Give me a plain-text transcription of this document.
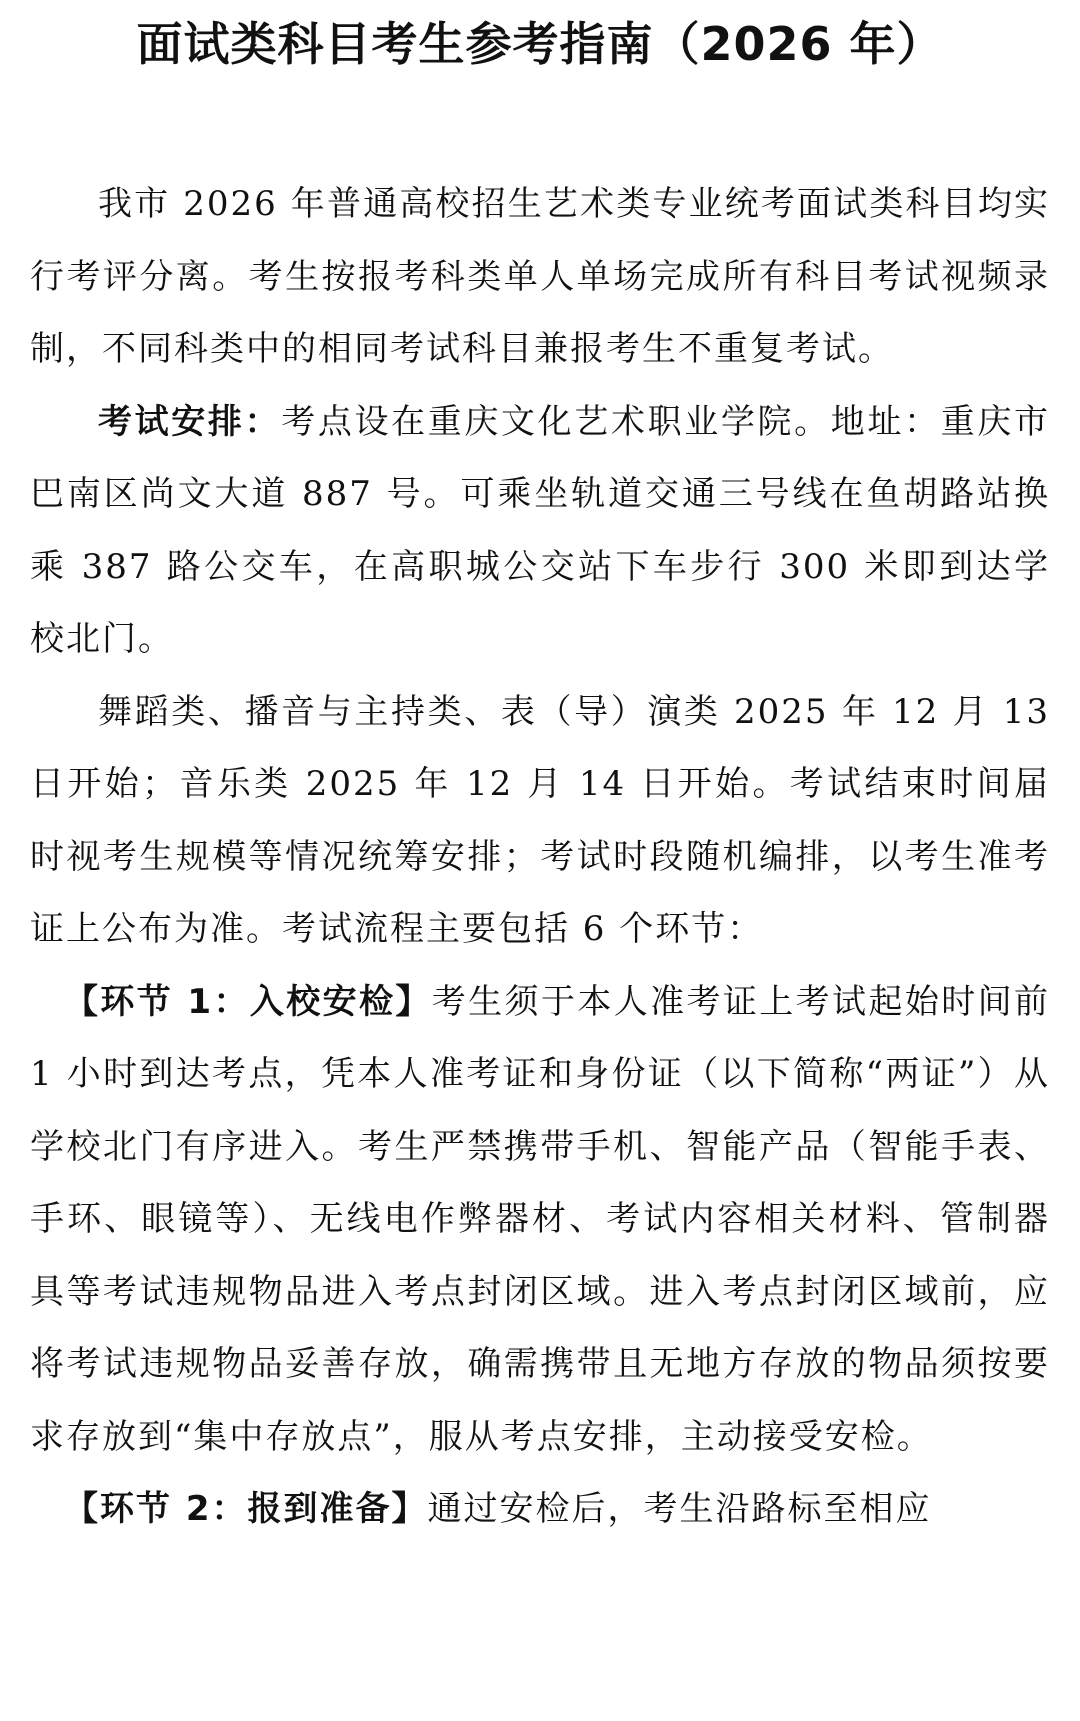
面试类科目考生参考指南（2026 年）

我市 2026 年普通高校招生艺术类专业统考面试类科目均实行考评分离。考生按报考科类单人单场完成所有科目考试视频录制，不同科类中的相同考试科目兼报考生不重复考试。

考试安排：考点设在重庆文化艺术职业学院。地址：重庆市巴南区尚文大道 887 号。可乘坐轨道交通三号线在鱼胡路站换乘 387 路公交车，在高职城公交站下车步行 300 米即到达学校北门。

舞蹈类、播音与主持类、表（导）演类 2025 年 12 月 13 日开始；音乐类 2025 年 12 月 14 日开始。考试结束时间届时视考生规模等情况统筹安排；考试时段随机编排，以考生准考证上公布为准。考试流程主要包括 6 个环节：

【环节 1：入校安检】考生须于本人准考证上考试起始时间前 1 小时到达考点，凭本人准考证和身份证（以下简称“两证”）从学校北门有序进入。考生严禁携带手机、智能产品（智能手表、手环、眼镜等）、无线电作弊器材、考试内容相关材料、管制器具等考试违规物品进入考点封闭区域。进入考点封闭区域前，应将考试违规物品妥善存放，确需携带且无地方存放的物品须按要求存放到“集中存放点”，服从考点安排，主动接受安检。

【环节 2：报到准备】通过安检后，考生沿路标至相应
